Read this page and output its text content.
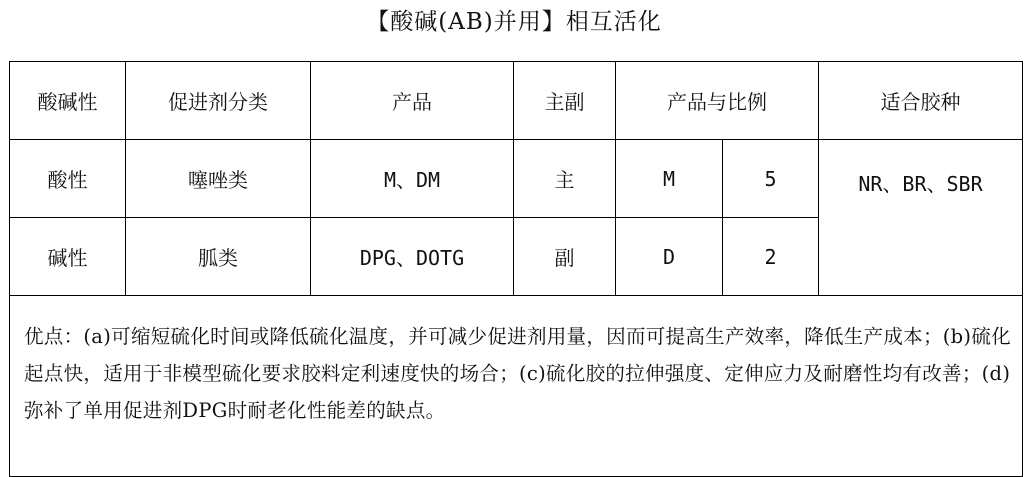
【酸碱(AB)并用】相互活化
酸碱性	促进剂分类	产品	主副	产品与比例		适合胶种
酸性	噻唑类	M、DM	主	M	5	NR、BR、SBR
碱性	胍类	DPG、DOTG	副	D	2	
优点：(a)可缩短硫化时间或降低硫化温度，并可减少促进剂用量，因而可提高生产效率，降低生产成本；(b)硫化起点快，适用于非模型硫化要求胶料定利速度快的场合；(c)硫化胶的拉伸强度、定伸应力及耐磨性均有改善；(d)弥补了单用促进剂DPG时耐老化性能差的缺点。						
